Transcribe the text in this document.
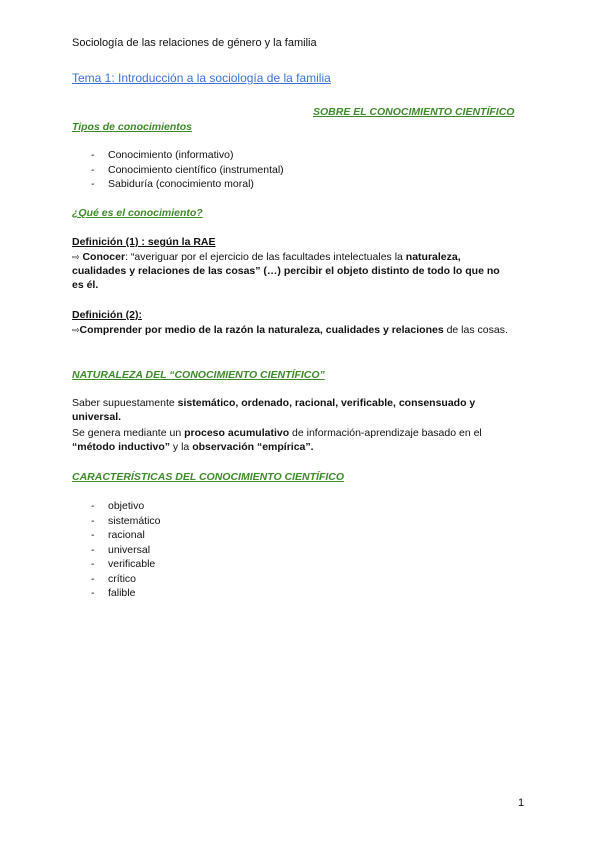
Sociología de las relaciones de género y la familia
Tema 1: Introducción a la sociología de la familia
SOBRE EL CONOCIMIENTO CIENTÍFICO
Tipos de conocimientos
- Conocimiento (informativo)
- Conocimiento científico (instrumental)
- Sabiduría (conocimiento moral)
¿Qué es el conocimiento?
Definición (1) : según la RAE
⇨ Conocer: “averiguar por el ejercicio de las facultades intelectuales la naturaleza, cualidades y relaciones de las cosas” (…) percibir el objeto distinto de todo lo que no es él.
Definición (2):
⇨Comprender por medio de la razón la naturaleza, cualidades y relaciones de las cosas.
NATURALEZA DEL “CONOCIMIENTO CIENTÍFICO”
Saber supuestamente sistemático, ordenado, racional, verificable, consensuado y universal.
Se genera mediante un proceso acumulativo de información-aprendizaje basado en el “método inductivo” y la observación “empírica”.
CARACTERÍSTICAS DEL CONOCIMIENTO CIENTÍFICO
- objetivo
- sistemático
- racional
- universal
- verificable
- crítico
- falible
1
